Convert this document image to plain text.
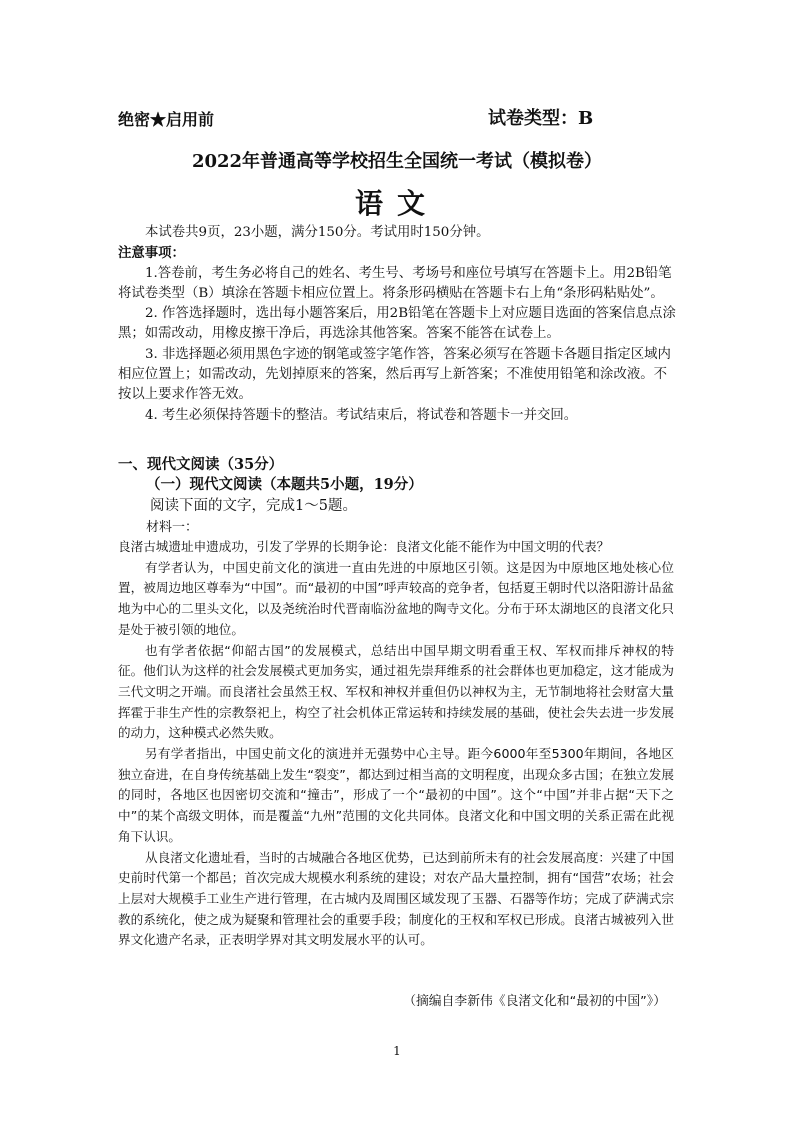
绝密★启用前	试卷类型：B
2022年普通高等学校招生全国统一考试（模拟卷）
语文

本试卷共9页，23小题，满分150分。考试用时150分钟。

注意事项：

1.答卷前，考生务必将自己的姓名、考生号、考场号和座位号填写在答题卡上。用2B铅笔将试卷类型（B）填涂在答题卡相应位置上。将条形码横贴在答题卡右上角“条形码粘贴处”。

2. 作答选择题时，选出每小题答案后，用2B铅笔在答题卡上对应题目选面的答案信息点涂黑；如需改动，用橡皮擦干净后，再选涂其他答案。答案不能答在试卷上。

3. 非选择题必须用黑色字迹的钢笔或签字笔作答，答案必须写在答题卡各题目指定区域内相应位置上；如需改动，先划掉原来的答案，然后再写上新答案；不准使用铅笔和涂改液。不按以上要求作答无效。

4. 考生必须保持答题卡的整洁。考试结束后，将试卷和答题卡一并交回。

一、现代文阅读（35分）
（一）现代文阅读（本题共5小题，19分）
阅读下面的文字，完成1～5题。
材料一：

良渚古城遗址申遗成功，引发了学界的长期争论：良渚文化能不能作为中国文明的代表？

有学者认为，中国史前文化的演进一直由先进的中原地区引领。这是因为中原地区地处核心位置，被周边地区尊奉为“中国”。而“最初的中国”呼声较高的竞争者，包括夏王朝时代以洛阳游计品盆地为中心的二里头文化，以及尧统治时代晋南临汾盆地的陶寺文化。分布于环太湖地区的良渚文化只是处于被引领的地位。

也有学者依据“仰韶古国”的发展模式，总结出中国早期文明看重王权、军权而排斥神权的特征。他们认为这样的社会发展模式更加务实，通过祖先崇拜维系的社会群体也更加稳定，这才能成为三代文明之开端。而良渚社会虽然王权、军权和神权并重但仍以神权为主，无节制地将社会财富大量挥霍于非生产性的宗教祭祀上，构空了社会机体正常运转和持续发展的基础，使社会失去进一步发展的动力，这种模式必然失败。

另有学者指出，中国史前文化的演进并无强势中心主导。距今6000年至5300年期间，各地区独立奋进，在自身传统基础上发生“裂变”，都达到过相当高的文明程度，出现众多古国；在独立发展的同时，各地区也因密切交流和“撞击”，形成了一个“最初的中国”。这个“中国”并非占据“天下之中”的某个高级文明体，而是覆盖“九州”范围的文化共同体。良渚文化和中国文明的关系正需在此视角下认识。

从良渚文化遗址看，当时的古城融合各地区优势，已达到前所未有的社会发展高度：兴建了中国史前时代第一个都邑；首次完成大规模水利系统的建设；对农产品大量控制，拥有“国营”农场；社会上层对大规模手工业生产进行管理，在古城内及周围区域发现了玉器、石器等作坊；完成了萨满式宗教的系统化，使之成为疑聚和管理社会的重要手段；制度化的王权和军权已形成。良渚古城被列入世界文化遗产名录，正表明学界对其文明发展水平的认可。

（摘编自李新伟《良渚文化和“最初的中国”》）
1
